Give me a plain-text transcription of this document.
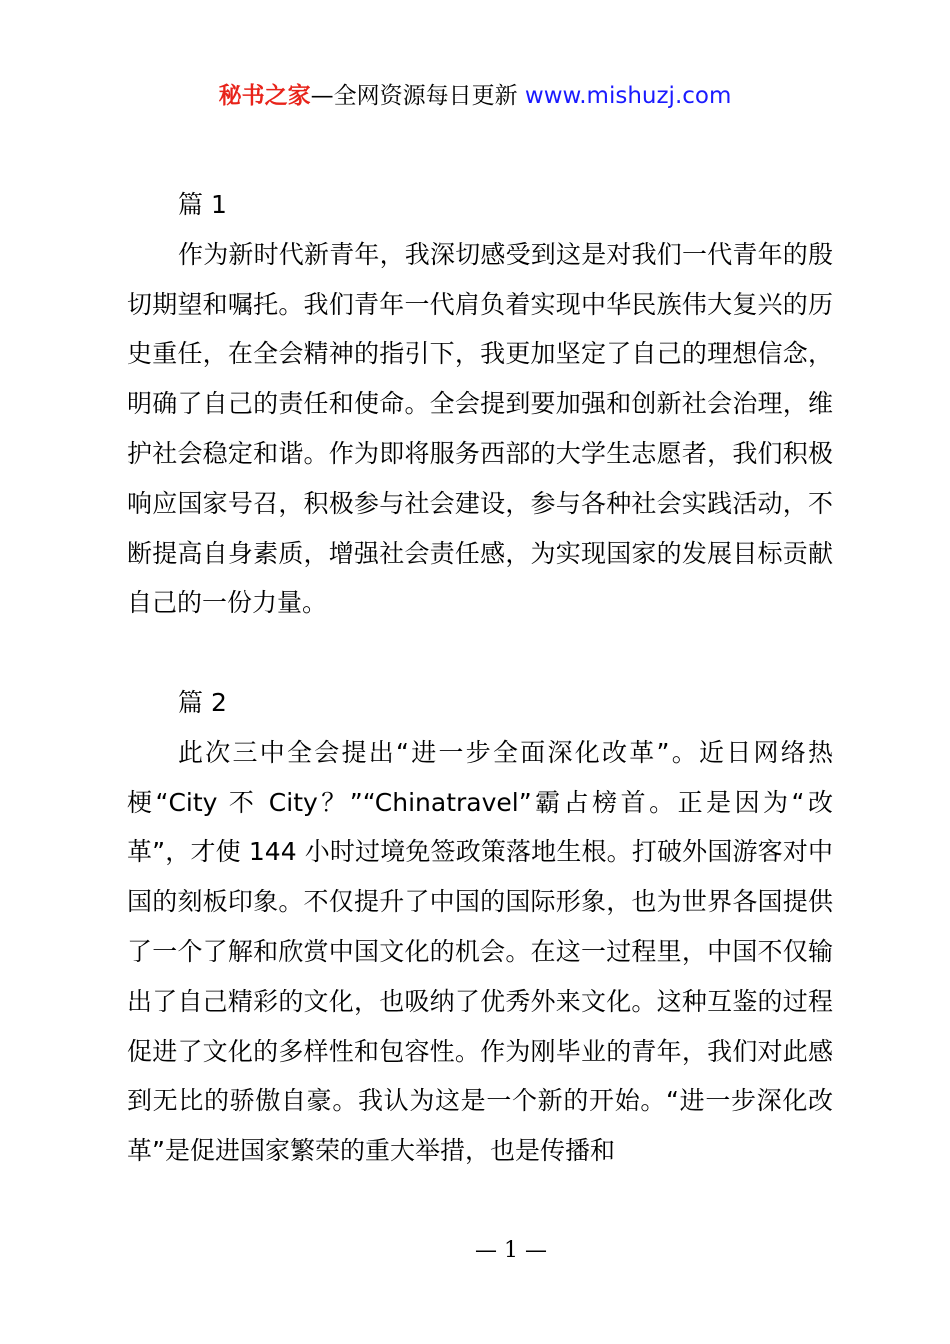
秘书之家—全网资源每日更新 www.mishuzj.com

篇 1

作为新时代新青年，我深切感受到这是对我们一代青年的殷切期望和嘱托。我们青年一代肩负着实现中华民族伟大复兴的历史重任，在全会精神的指引下，我更加坚定了自己的理想信念，明确了自己的责任和使命。全会提到要加强和创新社会治理，维护社会稳定和谐。作为即将服务西部的大学生志愿者，我们积极响应国家号召，积极参与社会建设，参与各种社会实践活动，不断提高自身素质，增强社会责任感，为实现国家的发展目标贡献自己的一份力量。

篇 2

此次三中全会提出“进一步全面深化改革”。近日网络热梗“City 不 City？”“Chinatravel”霸占榜首。正是因为“改革”，才使 144 小时过境免签政策落地生根。打破外国游客对中国的刻板印象。不仅提升了中国的国际形象，也为世界各国提供了一个了解和欣赏中国文化的机会。在这一过程里，中国不仅输出了自己精彩的文化，也吸纳了优秀外来文化。这种互鉴的过程促进了文化的多样性和包容性。作为刚毕业的青年，我们对此感到无比的骄傲自豪。我认为这是一个新的开始。“进一步深化改革”是促进国家繁荣的重大举措，也是传播和

— 1 —
